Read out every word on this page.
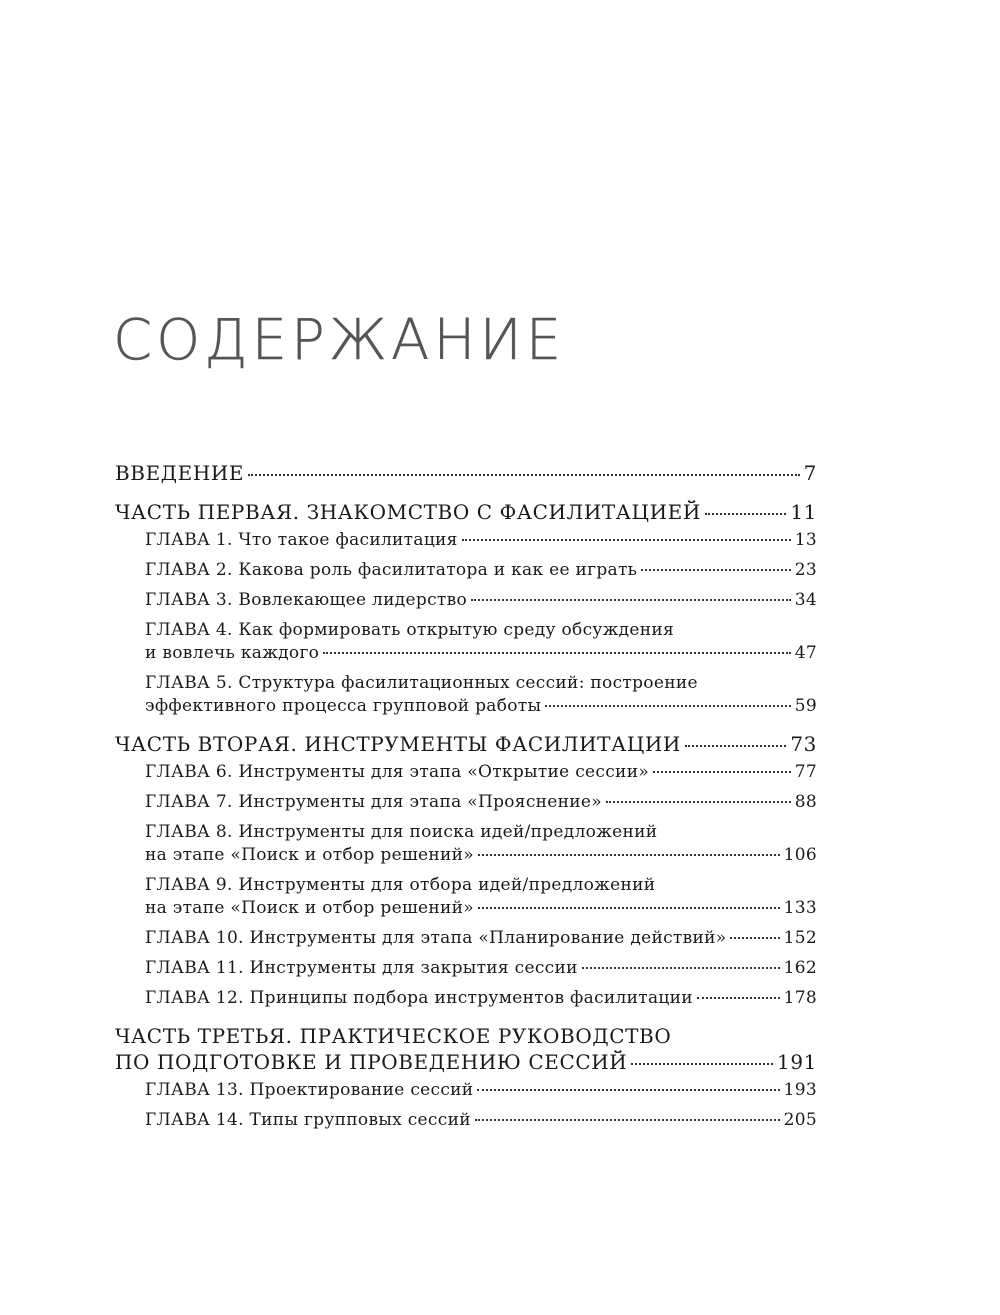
СОДЕРЖАНИЕ
ВВЕДЕНИЕ	7
ЧАСТЬ ПЕРВАЯ. ЗНАКОМСТВО С ФАСИЛИТАЦИЕЙ	11
ГЛАВА 1. Что такое фасилитация	13
ГЛАВА 2. Какова роль фасилитатора и как ее играть	23
ГЛАВА 3. Вовлекающее лидерство	34
ГЛАВА 4. Как формировать открытую среду обсуждения
и вовлечь каждого	47
ГЛАВА 5. Структура фасилитационных сессий: построение
эффективного процесса групповой работы	59
ЧАСТЬ ВТОРАЯ. ИНСТРУМЕНТЫ ФАСИЛИТАЦИИ	73
ГЛАВА 6. Инструменты для этапа «Открытие сессии»	77
ГЛАВА 7. Инструменты для этапа «Прояснение»	88
ГЛАВА 8. Инструменты для поиска идей/предложений
на этапе «Поиск и отбор решений»	106
ГЛАВА 9. Инструменты для отбора идей/предложений
на этапе «Поиск и отбор решений»	133
ГЛАВА 10. Инструменты для этапа «Планирование действий»	152
ГЛАВА 11. Инструменты для закрытия сессии	162
ГЛАВА 12. Принципы подбора инструментов фасилитации	178
ЧАСТЬ ТРЕТЬЯ. ПРАКТИЧЕСКОЕ РУКОВОДСТВО
ПО ПОДГОТОВКЕ И ПРОВЕДЕНИЮ СЕССИЙ	191
ГЛАВА 13. Проектирование сессий	193
ГЛАВА 14. Типы групповых сессий	205
